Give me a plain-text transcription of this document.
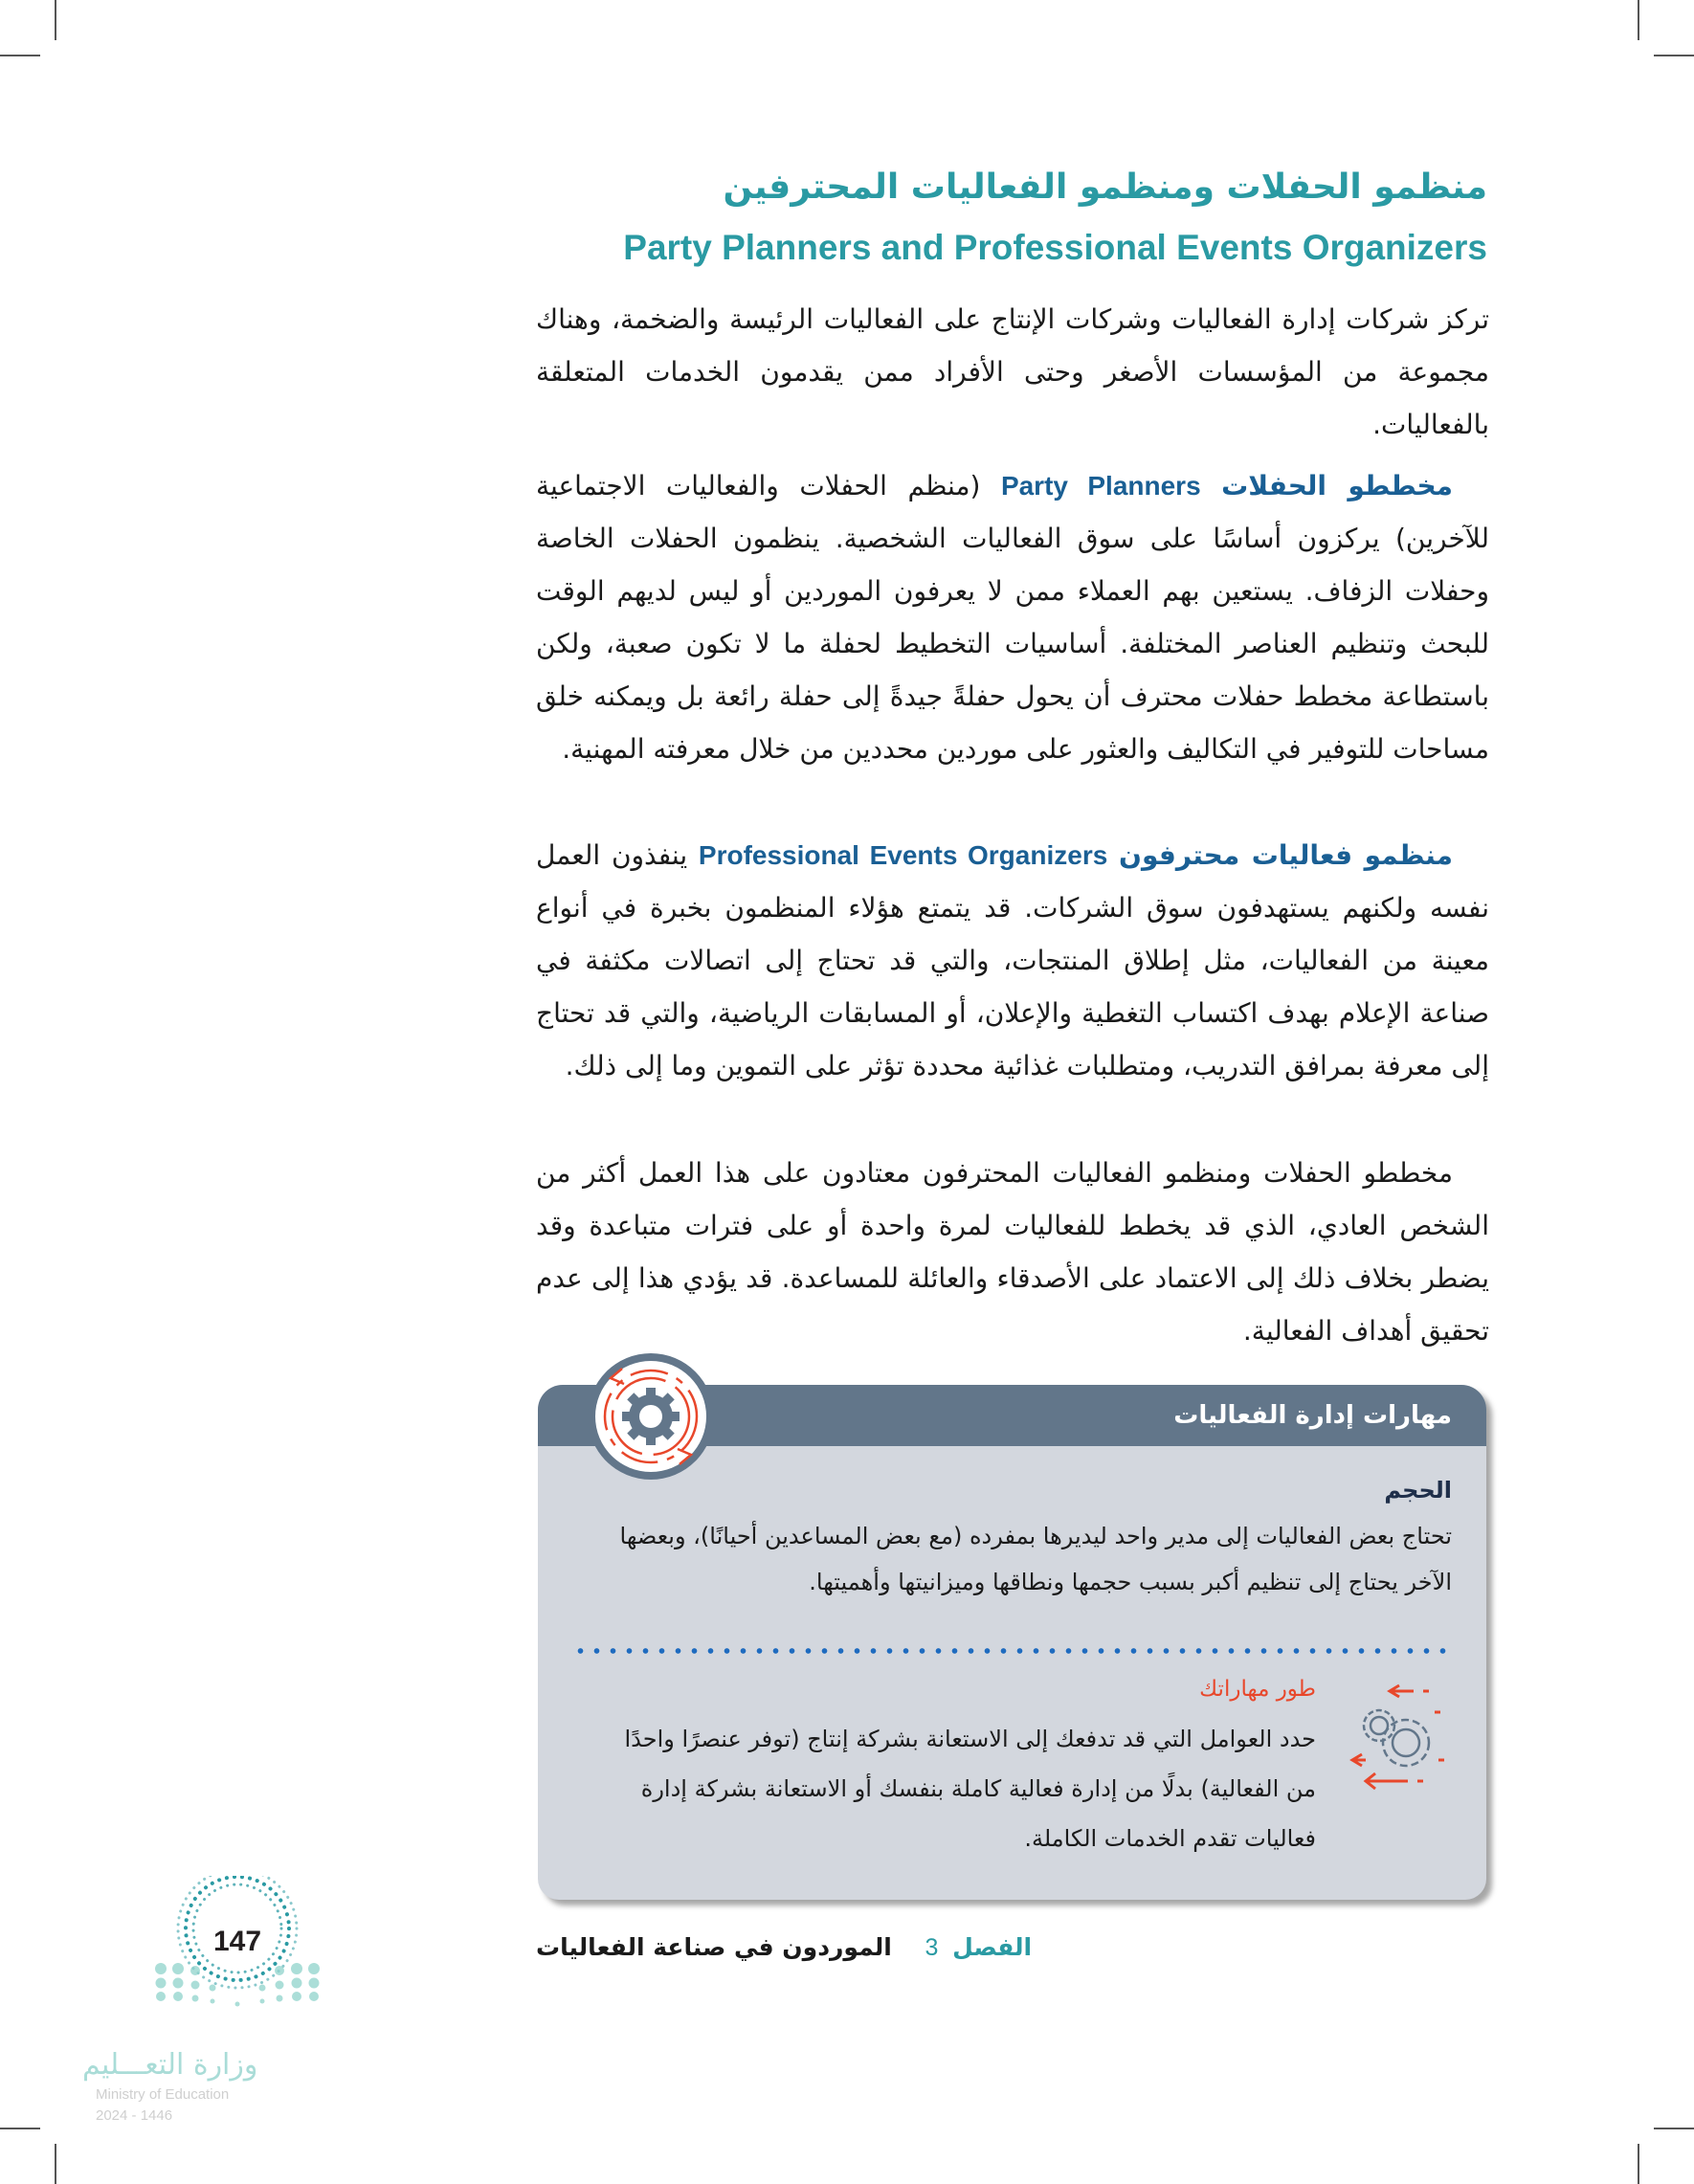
منظمو الحفلات ومنظمو الفعاليات المحترفين
Party Planners and Professional Events Organizers
تركز شركات إدارة الفعاليات وشركات الإنتاج على الفعاليات الرئيسة والضخمة، وهناك مجموعة من المؤسسات الأصغر وحتى الأفراد ممن يقدمون الخدمات المتعلقة بالفعاليات.
مخططو الحفلات Party Planners (منظم الحفلات والفعاليات الاجتماعية للآخرين) يركزون أساسًا على سوق الفعاليات الشخصية. ينظمون الحفلات الخاصة وحفلات الزفاف. يستعين بهم العملاء ممن لا يعرفون الموردين أو ليس لديهم الوقت للبحث وتنظيم العناصر المختلفة. أساسيات التخطيط لحفلة ما لا تكون صعبة، ولكن باستطاعة مخطط حفلات محترف أن يحول حفلةً جيدةً إلى حفلة رائعة بل ويمكنه خلق مساحات للتوفير في التكاليف والعثور على موردين محددين من خلال معرفته المهنية.
منظمو فعاليات محترفون Professional Events Organizers ينفذون العمل نفسه ولكنهم يستهدفون سوق الشركات. قد يتمتع هؤلاء المنظمون بخبرة في أنواع معينة من الفعاليات، مثل إطلاق المنتجات، والتي قد تحتاج إلى اتصالات مكثفة في صناعة الإعلام بهدف اكتساب التغطية والإعلان، أو المسابقات الرياضية، والتي قد تحتاج إلى معرفة بمرافق التدريب، ومتطلبات غذائية محددة تؤثر على التموين وما إلى ذلك.
مخططو الحفلات ومنظمو الفعاليات المحترفون معتادون على هذا العمل أكثر من الشخص العادي، الذي قد يخطط للفعاليات لمرة واحدة أو على فترات متباعدة وقد يضطر بخلاف ذلك إلى الاعتماد على الأصدقاء والعائلة للمساعدة. قد يؤدي هذا إلى عدم تحقيق أهداف الفعالية.
مهارات إدارة الفعاليات
الحجم
تحتاج بعض الفعاليات إلى مدير واحد ليديرها بمفرده (مع بعض المساعدين أحيانًا)، وبعضها الآخر يحتاج إلى تنظيم أكبر بسبب حجمها ونطاقها وميزانيتها وأهميتها.
طور مهاراتك
حدد العوامل التي قد تدفعك إلى الاستعانة بشركة إنتاج (توفر عنصرًا واحدًا من الفعالية) بدلًا من إدارة فعالية كاملة بنفسك أو الاستعانة بشركة إدارة فعاليات تقدم الخدمات الكاملة.
147	الفصل 3 الموردون في صناعة الفعاليات
وزارة التعـــليم
Ministry of Education
2024 - 1446
